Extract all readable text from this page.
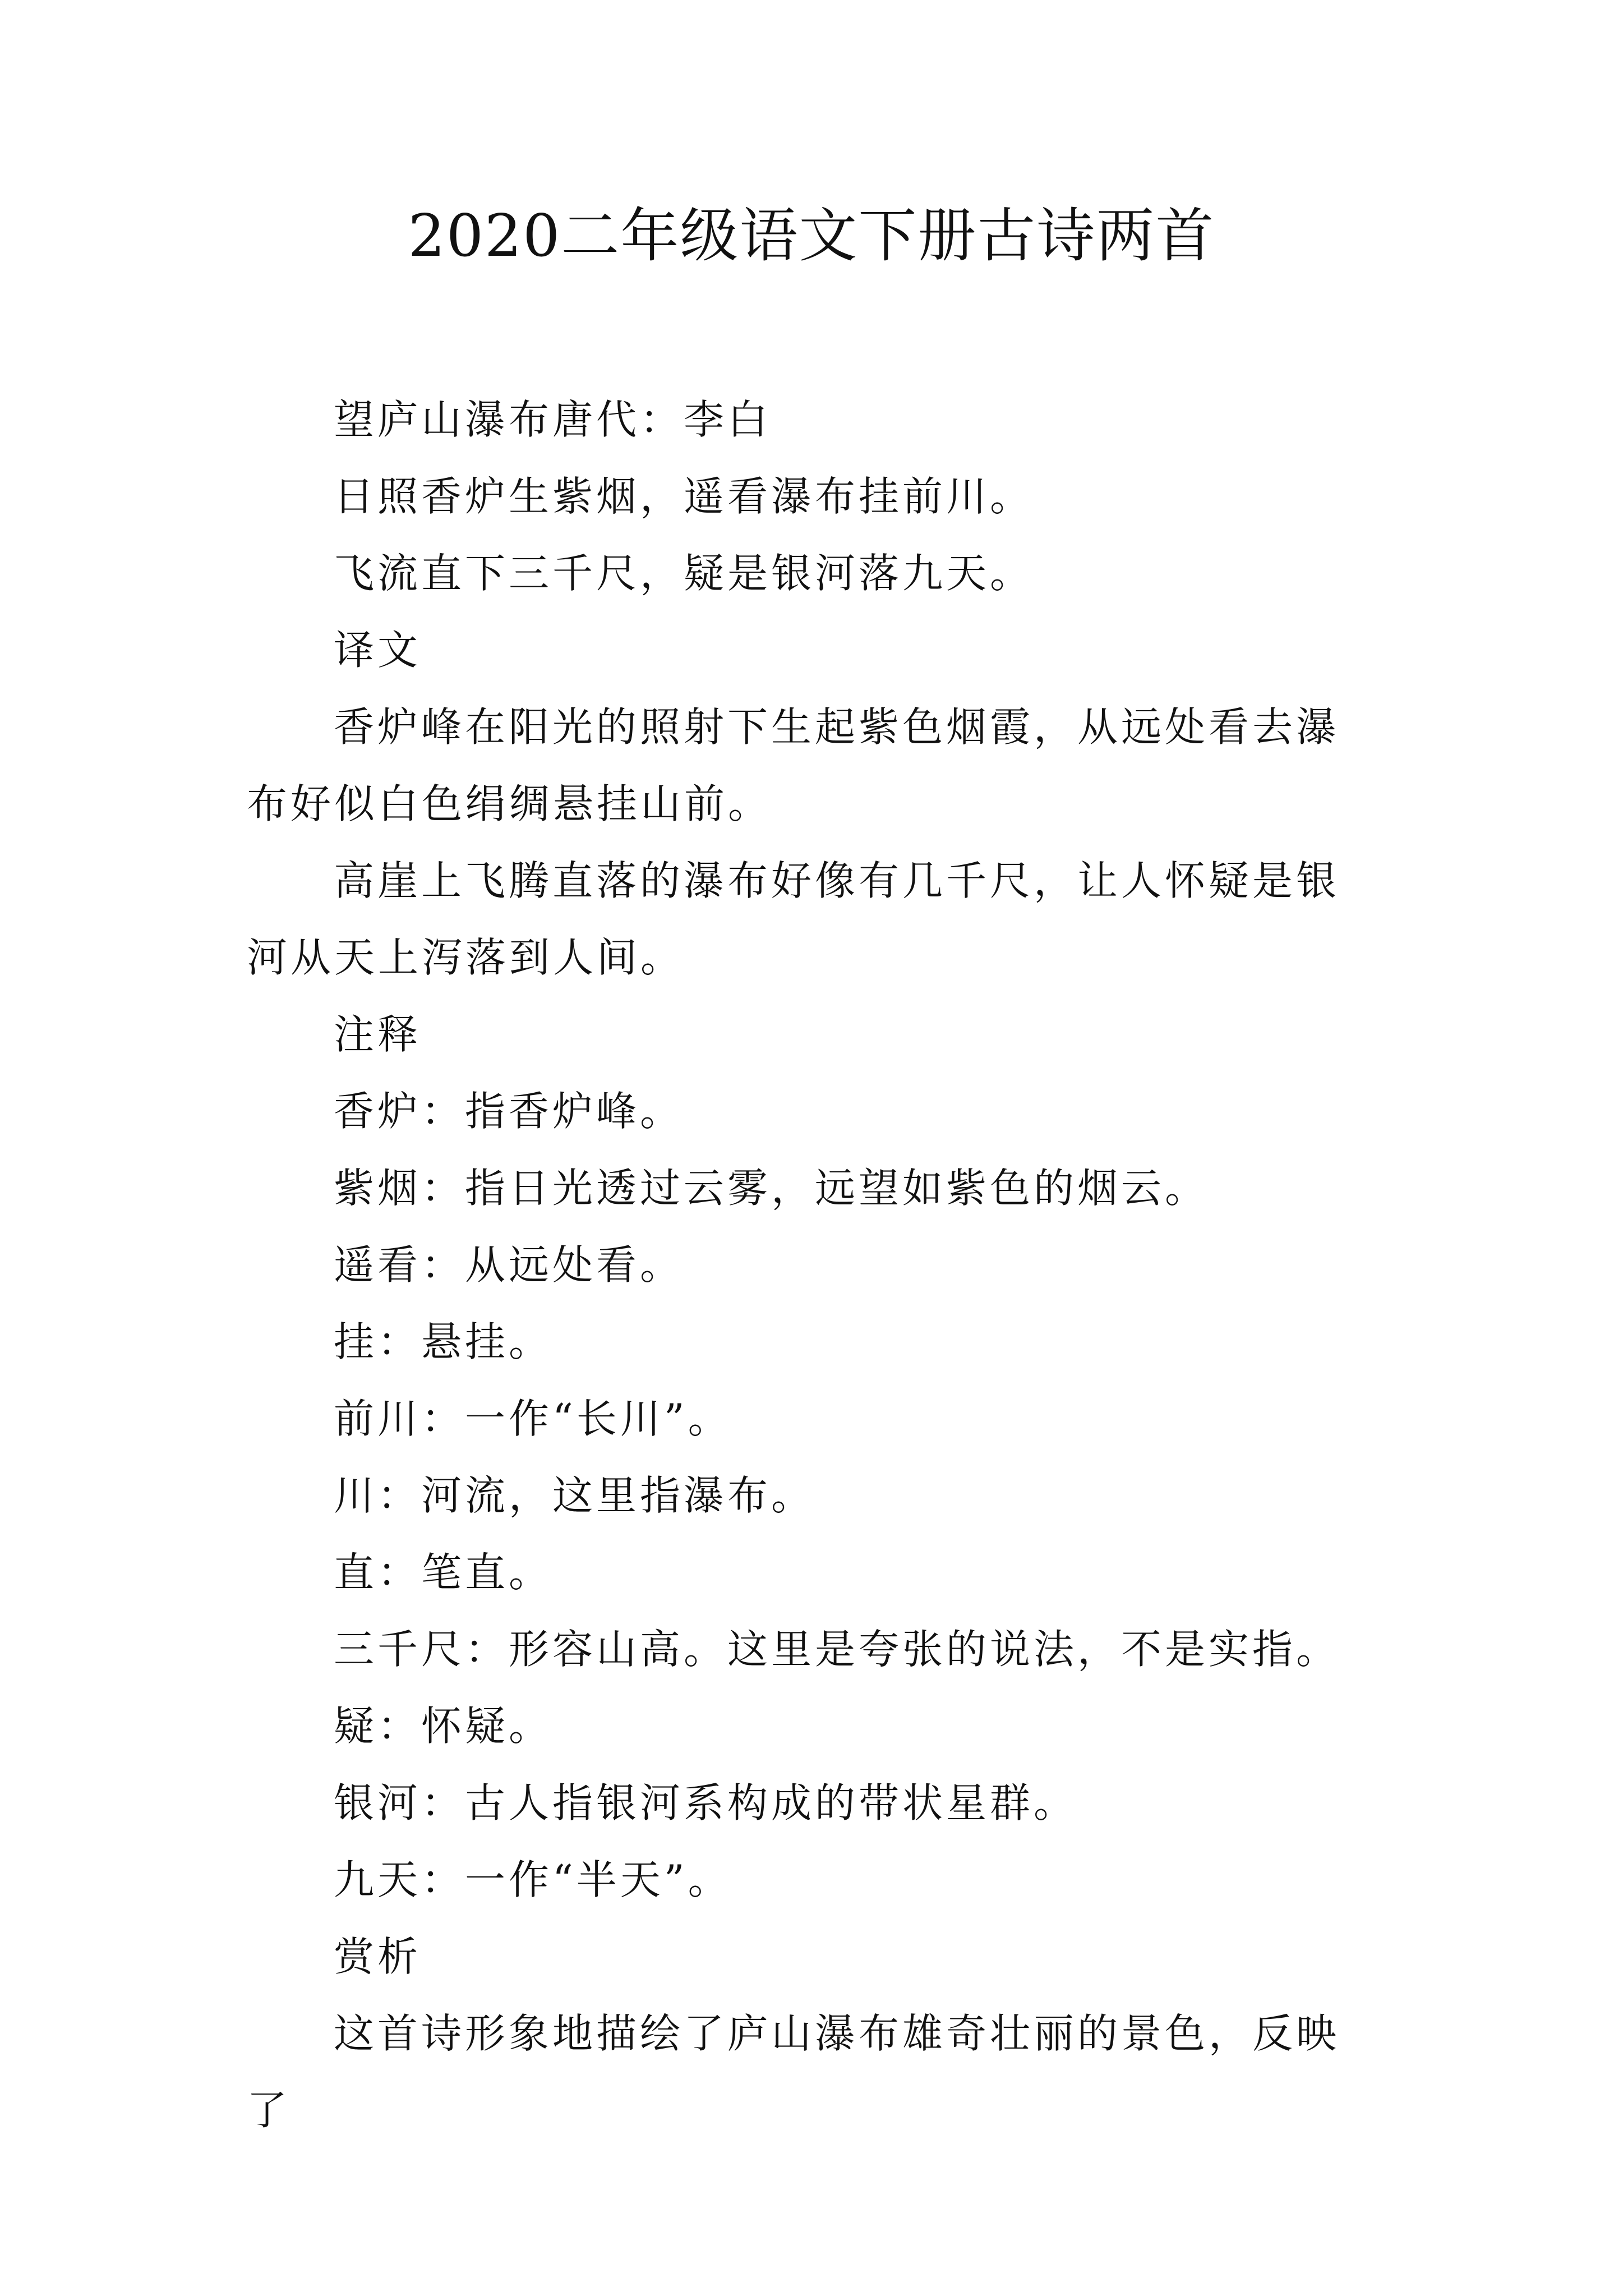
2020二年级语文下册古诗两首

望庐山瀑布唐代：李白

日照香炉生紫烟，遥看瀑布挂前川。

飞流直下三千尺，疑是银河落九天。

译文

香炉峰在阳光的照射下生起紫色烟霞，从远处看去瀑布好似白色绢绸悬挂山前。

高崖上飞腾直落的瀑布好像有几千尺，让人怀疑是银河从天上泻落到人间。

注释

香炉：指香炉峰。

紫烟：指日光透过云雾，远望如紫色的烟云。

遥看：从远处看。

挂：悬挂。

前川：一作“长川”。

川：河流，这里指瀑布。

直：笔直。

三千尺：形容山高。这里是夸张的说法，不是实指。

疑：怀疑。

银河：古人指银河系构成的带状星群。

九天：一作“半天”。

赏析

这首诗形象地描绘了庐山瀑布雄奇壮丽的景色，反映了
